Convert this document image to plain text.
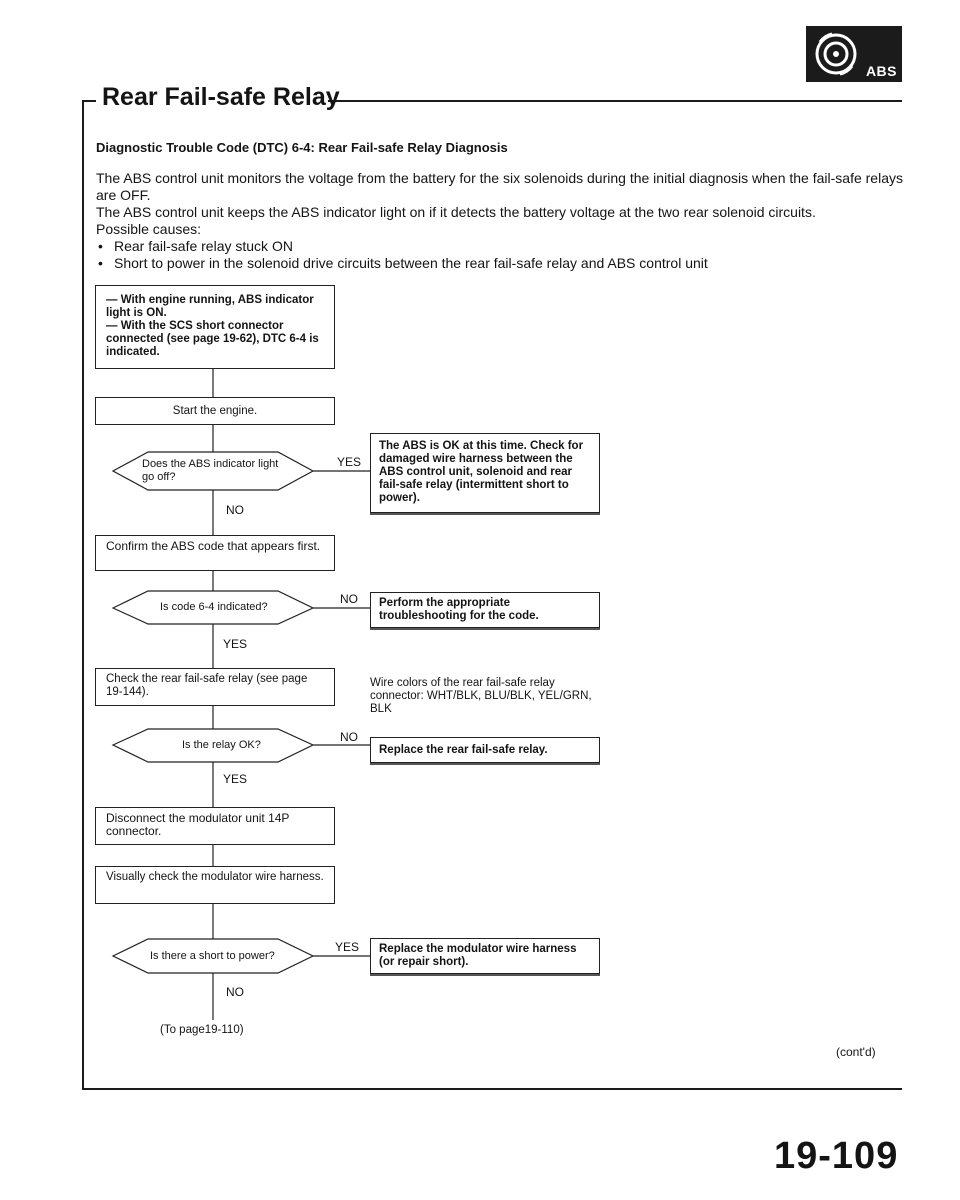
ABS
Rear Fail-safe Relay
Diagnostic Trouble Code (DTC) 6-4: Rear Fail-safe Relay Diagnosis

The ABS control unit monitors the voltage from the battery for the six solenoids during the initial diagnosis when the fail-safe relays are OFF.

The ABS control unit keeps the ABS indicator light on if it detects the battery voltage at the two rear solenoid circuits.

Possible causes:

• Rear fail-safe relay stuck ON
• Short to power in the solenoid drive circuits between the rear fail-safe relay and ABS control unit
— With engine running, ABS indicator light is ON.
— With the SCS short connector connected (see page 19-62), DTC 6-4 is indicated.
Start the engine.
Does the ABS indicator light go off?
YES
NO
The ABS is OK at this time. Check for damaged wire harness between the ABS control unit, solenoid and rear fail-safe relay (intermittent short to power).
Confirm the ABS code that appears first.
Is code 6-4 indicated?
NO
YES
Perform the appropriate troubleshooting for the code.
Check the rear fail-safe relay (see page 19-144).
Wire colors of the rear fail-safe relay connector: WHT/BLK, BLU/BLK, YEL/GRN, BLK
Is the relay OK?
NO
YES
Replace the rear fail-safe relay.
Disconnect the modulator unit 14P connector.
Visually check the modulator wire harness.
Is there a short to power?
YES
NO
Replace the modulator wire harness (or repair short).
(To page19-110)
(cont'd)
19-109
